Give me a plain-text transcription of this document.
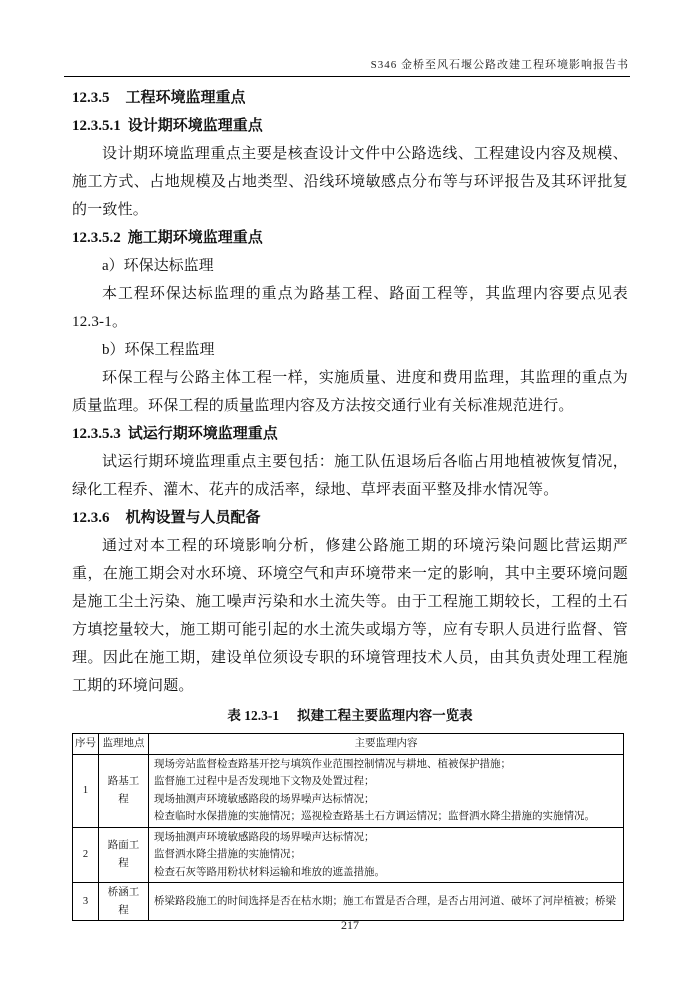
S346 金桥至风石堰公路改建工程环境影响报告书
12.3.5 工程环境监理重点
12.3.5.1 设计期环境监理重点

设计期环境监理重点主要是核查设计文件中公路选线、工程建设内容及规模、施工方式、占地规模及占地类型、沿线环境敏感点分布等与环评报告及其环评批复的一致性。

12.3.5.2 施工期环境监理重点
a）环保达标监理

本工程环保达标监理的重点为路基工程、路面工程等，其监理内容要点见表 12.3-1。

b）环保工程监理

环保工程与公路主体工程一样，实施质量、进度和费用监理，其监理的重点为质量监理。环保工程的质量监理内容及方法按交通行业有关标准规范进行。

12.3.5.3 试运行期环境监理重点

试运行期环境监理重点主要包括：施工队伍退场后各临占用地植被恢复情况，绿化工程乔、灌木、花卉的成活率，绿地、草坪表面平整及排水情况等。

12.3.6 机构设置与人员配备

通过对本工程的环境影响分析，修建公路施工期的环境污染问题比营运期严重，在施工期会对水环境、环境空气和声环境带来一定的影响，其中主要环境问题是施工尘土污染、施工噪声污染和水土流失等。由于工程施工期较长，工程的土石方填挖量较大，施工期可能引起的水土流失或塌方等，应有专职人员进行监督、管理。因此在施工期，建设单位须设专职的环境管理技术人员，由其负责处理工程施工期的环境问题。

表 12.3-1 拟建工程主要监理内容一览表
序号	监理地点	主要监理内容
1	路基工程	现场旁站监督检查路基开挖与填筑作业范围控制情况与耕地、植被保护措施；
监督施工过程中是否发现地下文物及处置过程；
现场抽测声环境敏感路段的场界噪声达标情况；
检查临时水保措施的实施情况；巡视检查路基土石方调运情况；监督洒水降尘措施的实施情况。

2	路面工程	现场抽测声环境敏感路段的场界噪声达标情况；
监督洒水降尘措施的实施情况；
检查石灰等路用粉状材料运输和堆放的遮盖措施。

3	桥涵工程	桥梁路段施工的时间选择是否在枯水期；施工布置是否合理，是否占用河道、破坏了河岸植被；桥梁
217
